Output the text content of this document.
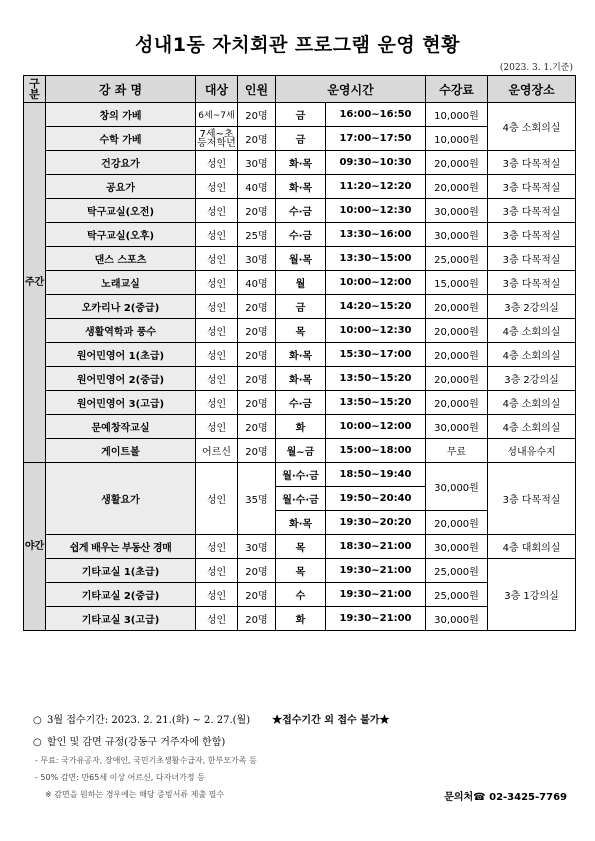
성내1동 자치회관 프로그램 운영 현황
(2023. 3. 1.기준)
구분	강 좌 명	대상	인원	운영시간		수강료	운영장소
주간	창의 가베	6세~7세	20명	금	16:00~16:50	10,000원	4층 소회의실
	수학 가베	7세~초등저학년	20명	금	17:00~17:50	10,000원	
	건강요가	성인	30명	화·목	09:30~10:30	20,000원	3층 다목적실
	공요가	성인	40명	화·목	11:20~12:20	20,000원	3층 다목적실
	탁구교실(오전)	성인	20명	수·금	10:00~12:30	30,000원	3층 다목적실
	탁구교실(오후)	성인	25명	수·금	13:30~16:00	30,000원	3층 다목적실
	댄스 스포츠	성인	30명	월·목	13:30~15:00	25,000원	3층 다목적실
	노래교실	성인	40명	월	10:00~12:00	15,000원	3층 다목적실
	오카리나 2(중급)	성인	20명	금	14:20~15:20	20,000원	3층 2강의실
	생활역학과 풍수	성인	20명	목	10:00~12:30	20,000원	4층 소회의실
	원어민영어 1(초급)	성인	20명	화·목	15:30~17:00	20,000원	4층 소회의실
	원어민영어 2(중급)	성인	20명	화·목	13:50~15:20	20,000원	3층 2강의실
	원어민영어 3(고급)	성인	20명	수·금	13:50~15:20	20,000원	4층 소회의실
	문예창작교실	성인	20명	화	10:00~12:00	30,000원	4층 소회의실
	게이트볼	어르신	20명	월~금	15:00~18:00	무료	성내유수지
야간	생활요가	성인	35명	월·수·금	18:50~19:40	30,000원	3층 다목적실
				월·수·금	19:50~20:40		
				화·목	19:30~20:20	20,000원	
	쉽게 배우는 부동산 경매	성인	30명	목	18:30~21:00	30,000원	4층 대회의실
	기타교실 1(초급)	성인	20명	목	19:30~21:00	25,000원	3층 1강의실
	기타교실 2(중급)	성인	20명	수	19:30~21:00	25,000원	
	기타교실 3(고급)	성인	20명	화	19:30~21:00	30,000원	
○ 3월 접수기간: 2023. 2. 21.(화) ~ 2. 27.(월) ★접수기간 외 접수 불가★
○ 할인 및 감면 규정(강동구 거주자에 한함)
- 무료: 국가유공자, 장애인, 국민기초생활수급자, 한부모가족 등
- 50% 감면: 만65세 이상 어르신, 다자녀가정 등
※ 감면을 원하는 경우에는 해당 증빙서류 제출 필수	문의처☎ 02-3425-7769
